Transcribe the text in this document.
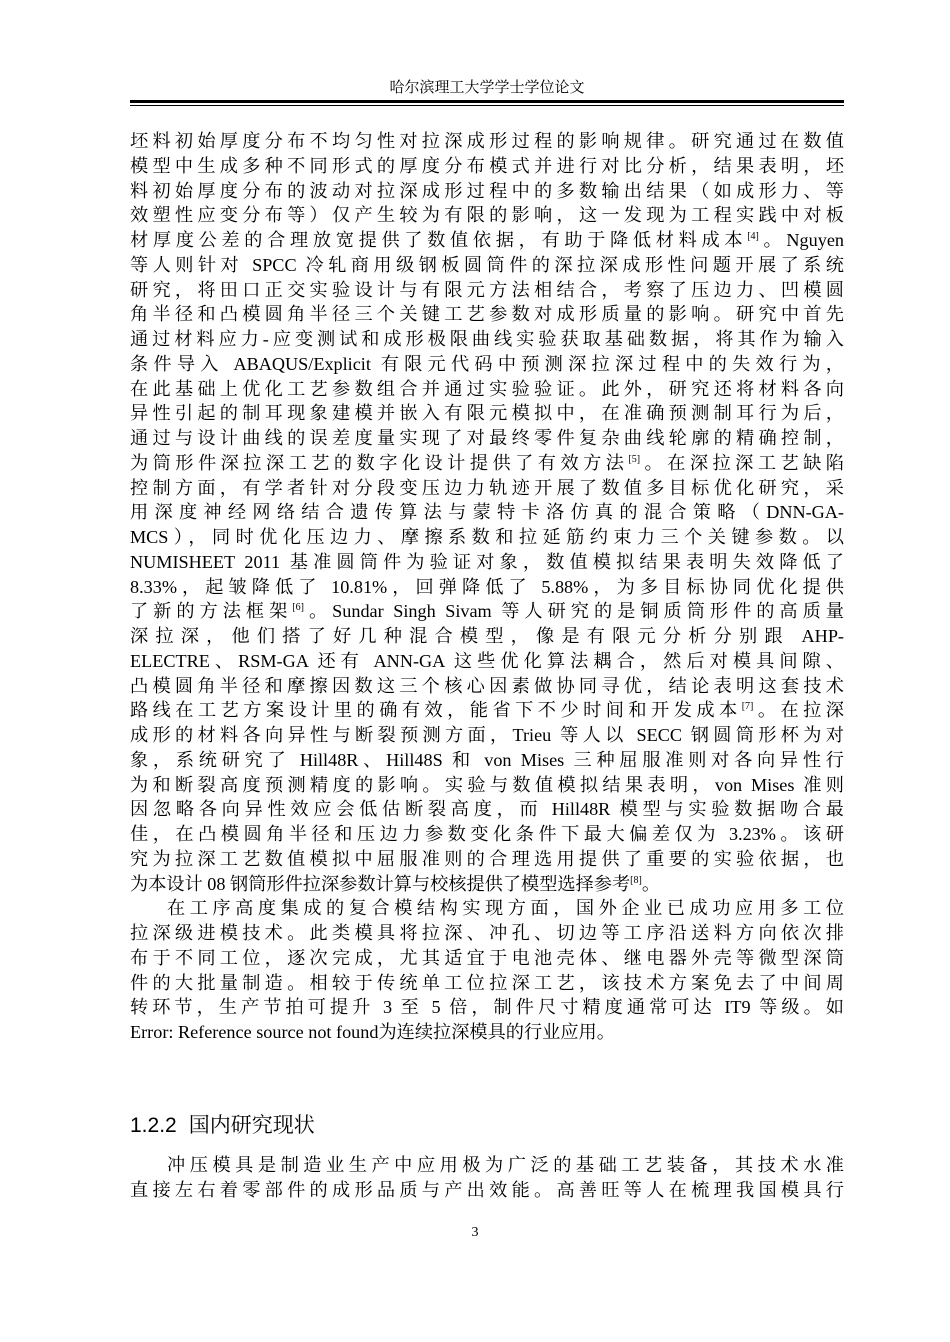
哈尔滨理工大学学士学位论文

坯料初始厚度分布不均匀性对拉深成形过程的影响规律。研究通过在数值
模型中生成多种不同形式的厚度分布模式并进行对比分析，结果表明，坯
料初始厚度分布的波动对拉深成形过程中的多数输出结果（如成形力、等
效塑性应变分布等）仅产生较为有限的影响，这一发现为工程实践中对板
材厚度公差的合理放宽提供了数值依据，有助于降低材料成本[4]。Nguyen
等人则针对 SPCC 冷轧商用级钢板圆筒件的深拉深成形性问题开展了系统
研究，将田口正交实验设计与有限元方法相结合，考察了压边力、凹模圆
角半径和凸模圆角半径三个关键工艺参数对成形质量的影响。研究中首先
通过材料应力-应变测试和成形极限曲线实验获取基础数据，将其作为输入
条件导入 ABAQUS/Explicit 有限元代码中预测深拉深过程中的失效行为，
在此基础上优化工艺参数组合并通过实验验证。此外，研究还将材料各向
异性引起的制耳现象建模并嵌入有限元模拟中，在准确预测制耳行为后，
通过与设计曲线的误差度量实现了对最终零件复杂曲线轮廓的精确控制，
为筒形件深拉深工艺的数字化设计提供了有效方法[5]。在深拉深工艺缺陷
控制方面，有学者针对分段变压边力轨迹开展了数值多目标优化研究，采
用深度神经网络结合遗传算法与蒙特卡洛仿真的混合策略（DNN-GA-
MCS），同时优化压边力、摩擦系数和拉延筋约束力三个关键参数。以
NUMISHEET 2011 基准圆筒件为验证对象，数值模拟结果表明失效降低了
8.33%，起皱降低了 10.81%，回弹降低了 5.88%，为多目标协同优化提供
了新的方法框架[6]。Sundar Singh Sivam 等人研究的是铜质筒形件的高质量
深拉深，他们搭了好几种混合模型，像是有限元分析分别跟 AHP-
ELECTRE、RSM-GA 还有 ANN-GA 这些优化算法耦合，然后对模具间隙、
凸模圆角半径和摩擦因数这三个核心因素做协同寻优，结论表明这套技术
路线在工艺方案设计里的确有效，能省下不少时间和开发成本[7]。在拉深
成形的材料各向异性与断裂预测方面，Trieu 等人以 SECC 钢圆筒形杯为对
象，系统研究了 Hill48R、Hill48S 和 von Mises 三种屈服准则对各向异性行
为和断裂高度预测精度的影响。实验与数值模拟结果表明，von Mises 准则
因忽略各向异性效应会低估断裂高度，而 Hill48R 模型与实验数据吻合最
佳，在凸模圆角半径和压边力参数变化条件下最大偏差仅为 3.23%。该研
究为拉深工艺数值模拟中屈服准则的合理选用提供了重要的实验依据，也
为本设计 08 钢筒形件拉深参数计算与校核提供了模型选择参考[8]。

在工序高度集成的复合模结构实现方面，国外企业已成功应用多工位
拉深级进模技术。此类模具将拉深、冲孔、切边等工序沿送料方向依次排
布于不同工位，逐次完成，尤其适宜于电池壳体、继电器外壳等微型深筒
件的大批量制造。相较于传统单工位拉深工艺，该技术方案免去了中间周
转环节，生产节拍可提升 3 至 5 倍，制件尺寸精度通常可达 IT9 等级。如
Error: Reference source not found为连续拉深模具的行业应用。

1.2.2 国内研究现状
冲压模具是制造业生产中应用极为广泛的基础工艺装备，其技术水准
直接左右着零部件的成形品质与产出效能。高善旺等人在梳理我国模具行
3
